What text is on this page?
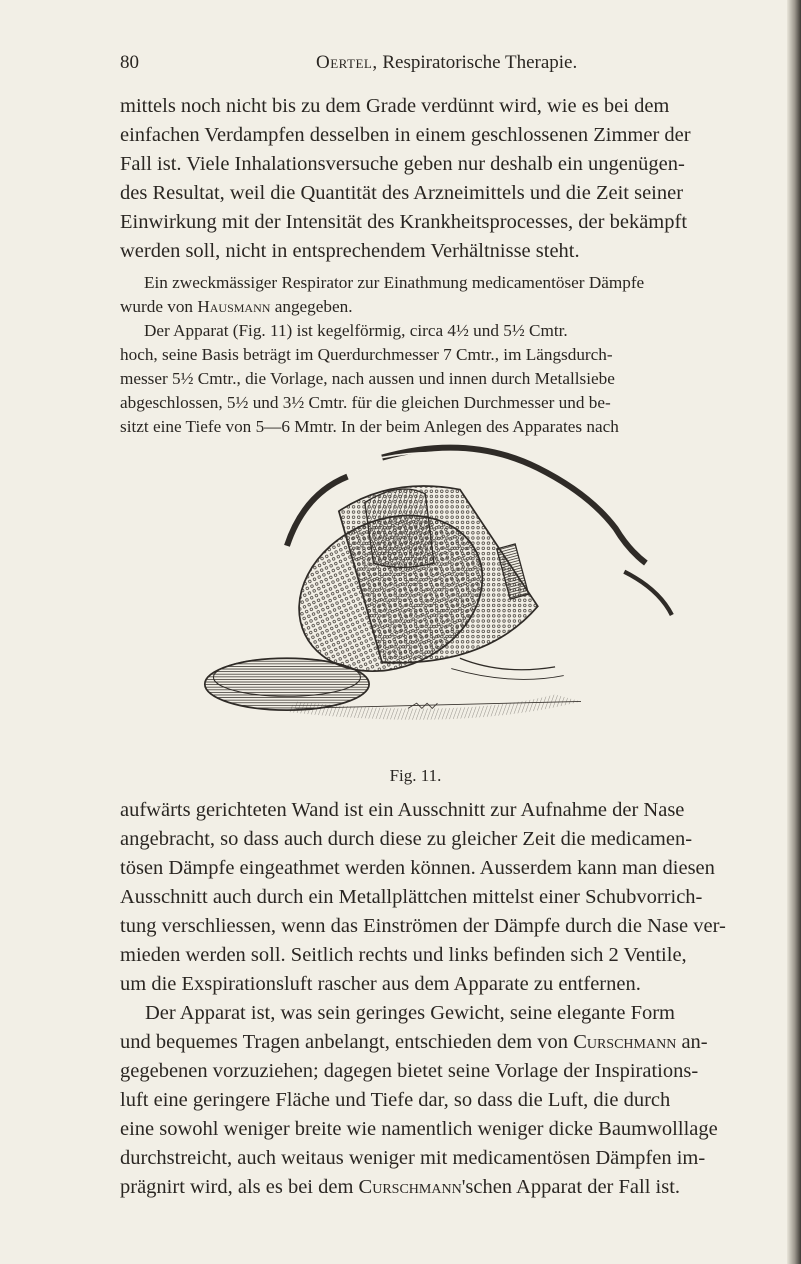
80	Oertel, Respiratorische Therapie.
mittels noch nicht bis zu dem Grade verdünnt wird, wie es bei dem
einfachen Verdampfen desselben in einem geschlossenen Zimmer der
Fall ist. Viele Inhalationsversuche geben nur deshalb ein ungenügen-
des Resultat, weil die Quantität des Arzneimittels und die Zeit seiner
Einwirkung mit der Intensität des Krankheitsprocesses, der bekämpft
werden soll, nicht in entsprechendem Verhältnisse steht.
Ein zweckmässiger Respirator zur Einathmung medicamentöser Dämpfe
wurde von Hausmann angegeben.
Der Apparat (Fig. 11) ist kegelförmig, circa 4½ und 5½ Cmtr.
hoch, seine Basis beträgt im Querdurchmesser 7 Cmtr., im Längsdurch-
messer 5½ Cmtr., die Vorlage, nach aussen und innen durch Metallsiebe
abgeschlossen, 5½ und 3½ Cmtr. für die gleichen Durchmesser und be-
sitzt eine Tiefe von 5—6 Mmtr. In der beim Anlegen des Apparates nach
Fig. 11.
aufwärts gerichteten Wand ist ein Ausschnitt zur Aufnahme der Nase
angebracht, so dass auch durch diese zu gleicher Zeit die medicamen-
tösen Dämpfe eingeathmet werden können. Ausserdem kann man diesen
Ausschnitt auch durch ein Metallplättchen mittelst einer Schubvorrich-
tung verschliessen, wenn das Einströmen der Dämpfe durch die Nase ver-
mieden werden soll. Seitlich rechts und links befinden sich 2 Ventile,
um die Exspirationsluft rascher aus dem Apparate zu entfernen.
Der Apparat ist, was sein geringes Gewicht, seine elegante Form
und bequemes Tragen anbelangt, entschieden dem von Curschmann an-
gegebenen vorzuziehen; dagegen bietet seine Vorlage der Inspirations-
luft eine geringere Fläche und Tiefe dar, so dass die Luft, die durch
eine sowohl weniger breite wie namentlich weniger dicke Baumwolllage
durchstreicht, auch weitaus weniger mit medicamentösen Dämpfen im-
prägnirt wird, als es bei dem Curschmann'schen Apparat der Fall ist.
